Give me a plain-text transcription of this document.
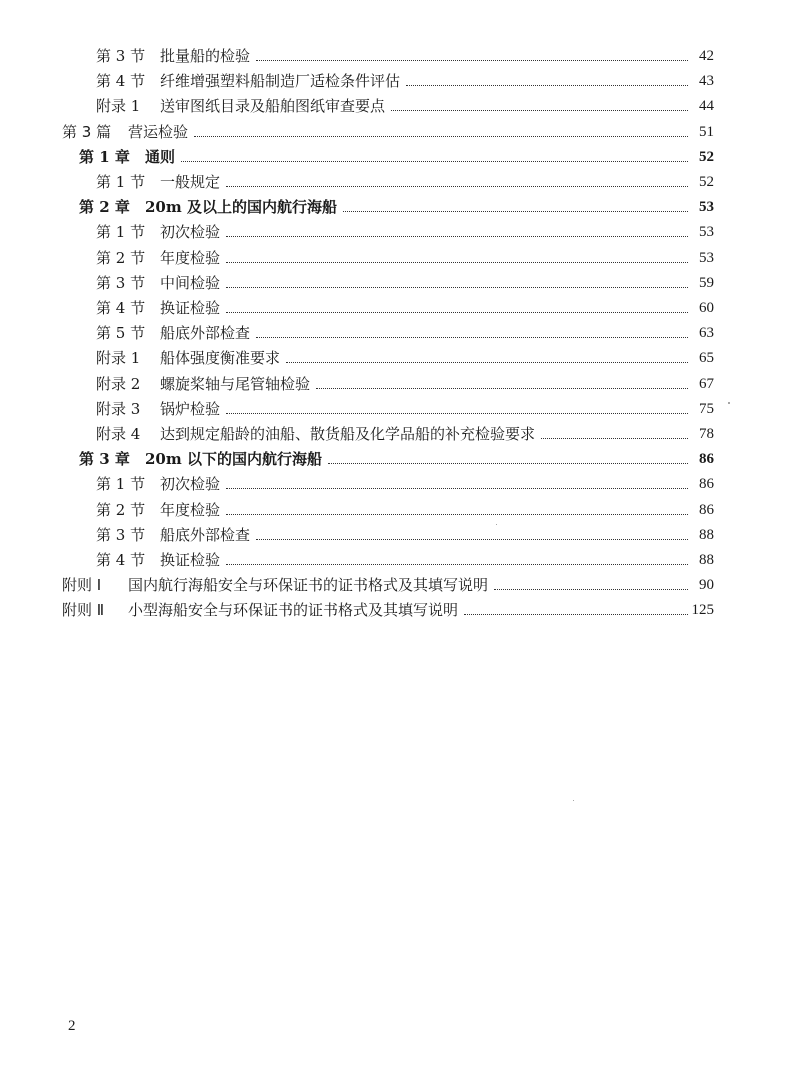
第 3 节 批量船的检验	42
第 4 节 纤维增强塑料船制造厂适检条件评估	43
附录 1	送审图纸目录及船舶图纸审查要点	44
第 3 篇	营运检验	51
第 1 章	通则	52
第 1 节 一般规定	52
第 2 章	20m 及以上的国内航行海船	53
第 1 节 初次检验	53
第 2 节 年度检验	53
第 3 节 中间检验	59
第 4 节 换证检验	60
第 5 节 船底外部检查	63
附录 1	船体强度衡准要求	65
附录 2	螺旋桨轴与尾管轴检验	67
附录 3	锅炉检验	75
附录 4	达到规定船龄的油船、散货船及化学品船的补充检验要求	78
第 3 章	20m 以下的国内航行海船	86
第 1 节 初次检验	86
第 2 节 年度检验	86
第 3 节 船底外部检查	88
第 4 节 换证检验	88
附则 Ⅰ	国内航行海船安全与环保证书的证书格式及其填写说明	90
附则 Ⅱ	小型海船安全与环保证书的证书格式及其填写说明	125
2
